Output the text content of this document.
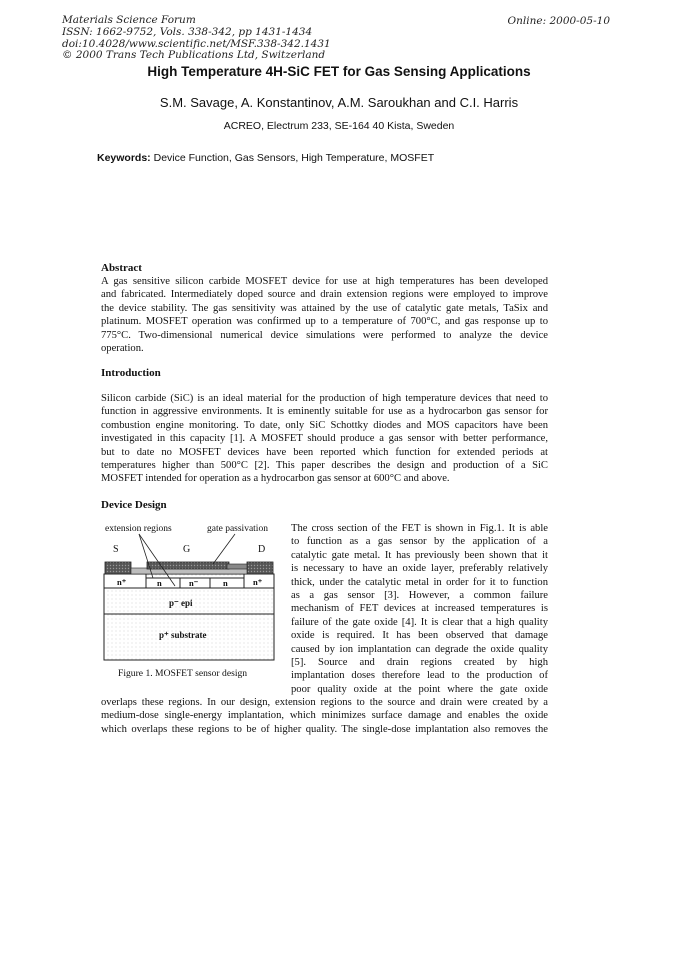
Materials Science Forum
ISSN: 1662-9752, Vols. 338-342, pp 1431-1434
doi:10.4028/www.scientific.net/MSF.338-342.1431
© 2000 Trans Tech Publications Ltd, Switzerland
Online: 2000-05-10
High Temperature 4H-SiC FET for Gas Sensing Applications
S.M. Savage, A. Konstantinov, A.M. Saroukhan and C.I. Harris
ACREO, Electrum 233, SE-164 40 Kista, Sweden
Keywords: Device Function, Gas Sensors, High Temperature, MOSFET
Abstract
A gas sensitive silicon carbide MOSFET device for use at high temperatures has been developed
and fabricated. Intermediately doped source and drain extension regions were employed to improve
the device stability. The gas sensitivity was attained by the use of catalytic gate metals, TaSix and
platinum. MOSFET operation was confirmed up to a temperature of 700°C, and gas response up to
775°C. Two-dimensional numerical device simulations were performed to analyze the device
operation.
Introduction
Silicon carbide (SiC) is an ideal material for the production of high temperature devices that need to
function in aggressive environments. It is eminently suitable for use as a hydrocarbon gas sensor for
combustion engine monitoring. To date, only SiC Schottky diodes and MOS capacitors have been
investigated in this capacity [1]. A MOSFET should produce a gas sensor with better performance,
but to date no MOSFET devices have been reported which function for extended periods at
temperatures higher than 500°C [2]. This paper describes the design and production of a SiC
MOSFET intended for operation as a hydrocarbon gas sensor at 600°C and above.
Device Design
extension regions	gate passivation
S	G	D
n⁺	n	n⁻	n	n⁺
p⁻ epi
p⁺ substrate
Figure 1. MOSFET sensor design
The cross section of the FET is shown in Fig.1. It is able
to function as a gas sensor by the application of a
catalytic gate metal. It has previously been shown that it
is necessary to have an oxide layer, preferably relatively
thick, under the catalytic metal in order for it to function
as a gas sensor [3]. However, a common failure
mechanism of FET devices at increased temperatures is
failure of the gate oxide [4]. It is clear that a high quality
oxide is required. It has been observed that damage
caused by ion implantation can degrade the oxide quality
[5]. Source and drain regions created by high
implantation doses therefore lead to the production of
poor quality oxide at the point where the gate oxide
overlaps these regions. In our design, extension regions to the source and drain were created by a
medium-dose single-energy implantation, which minimizes surface damage and enables the oxide
which overlaps these regions to be of higher quality. The single-dose implantation also removes the
